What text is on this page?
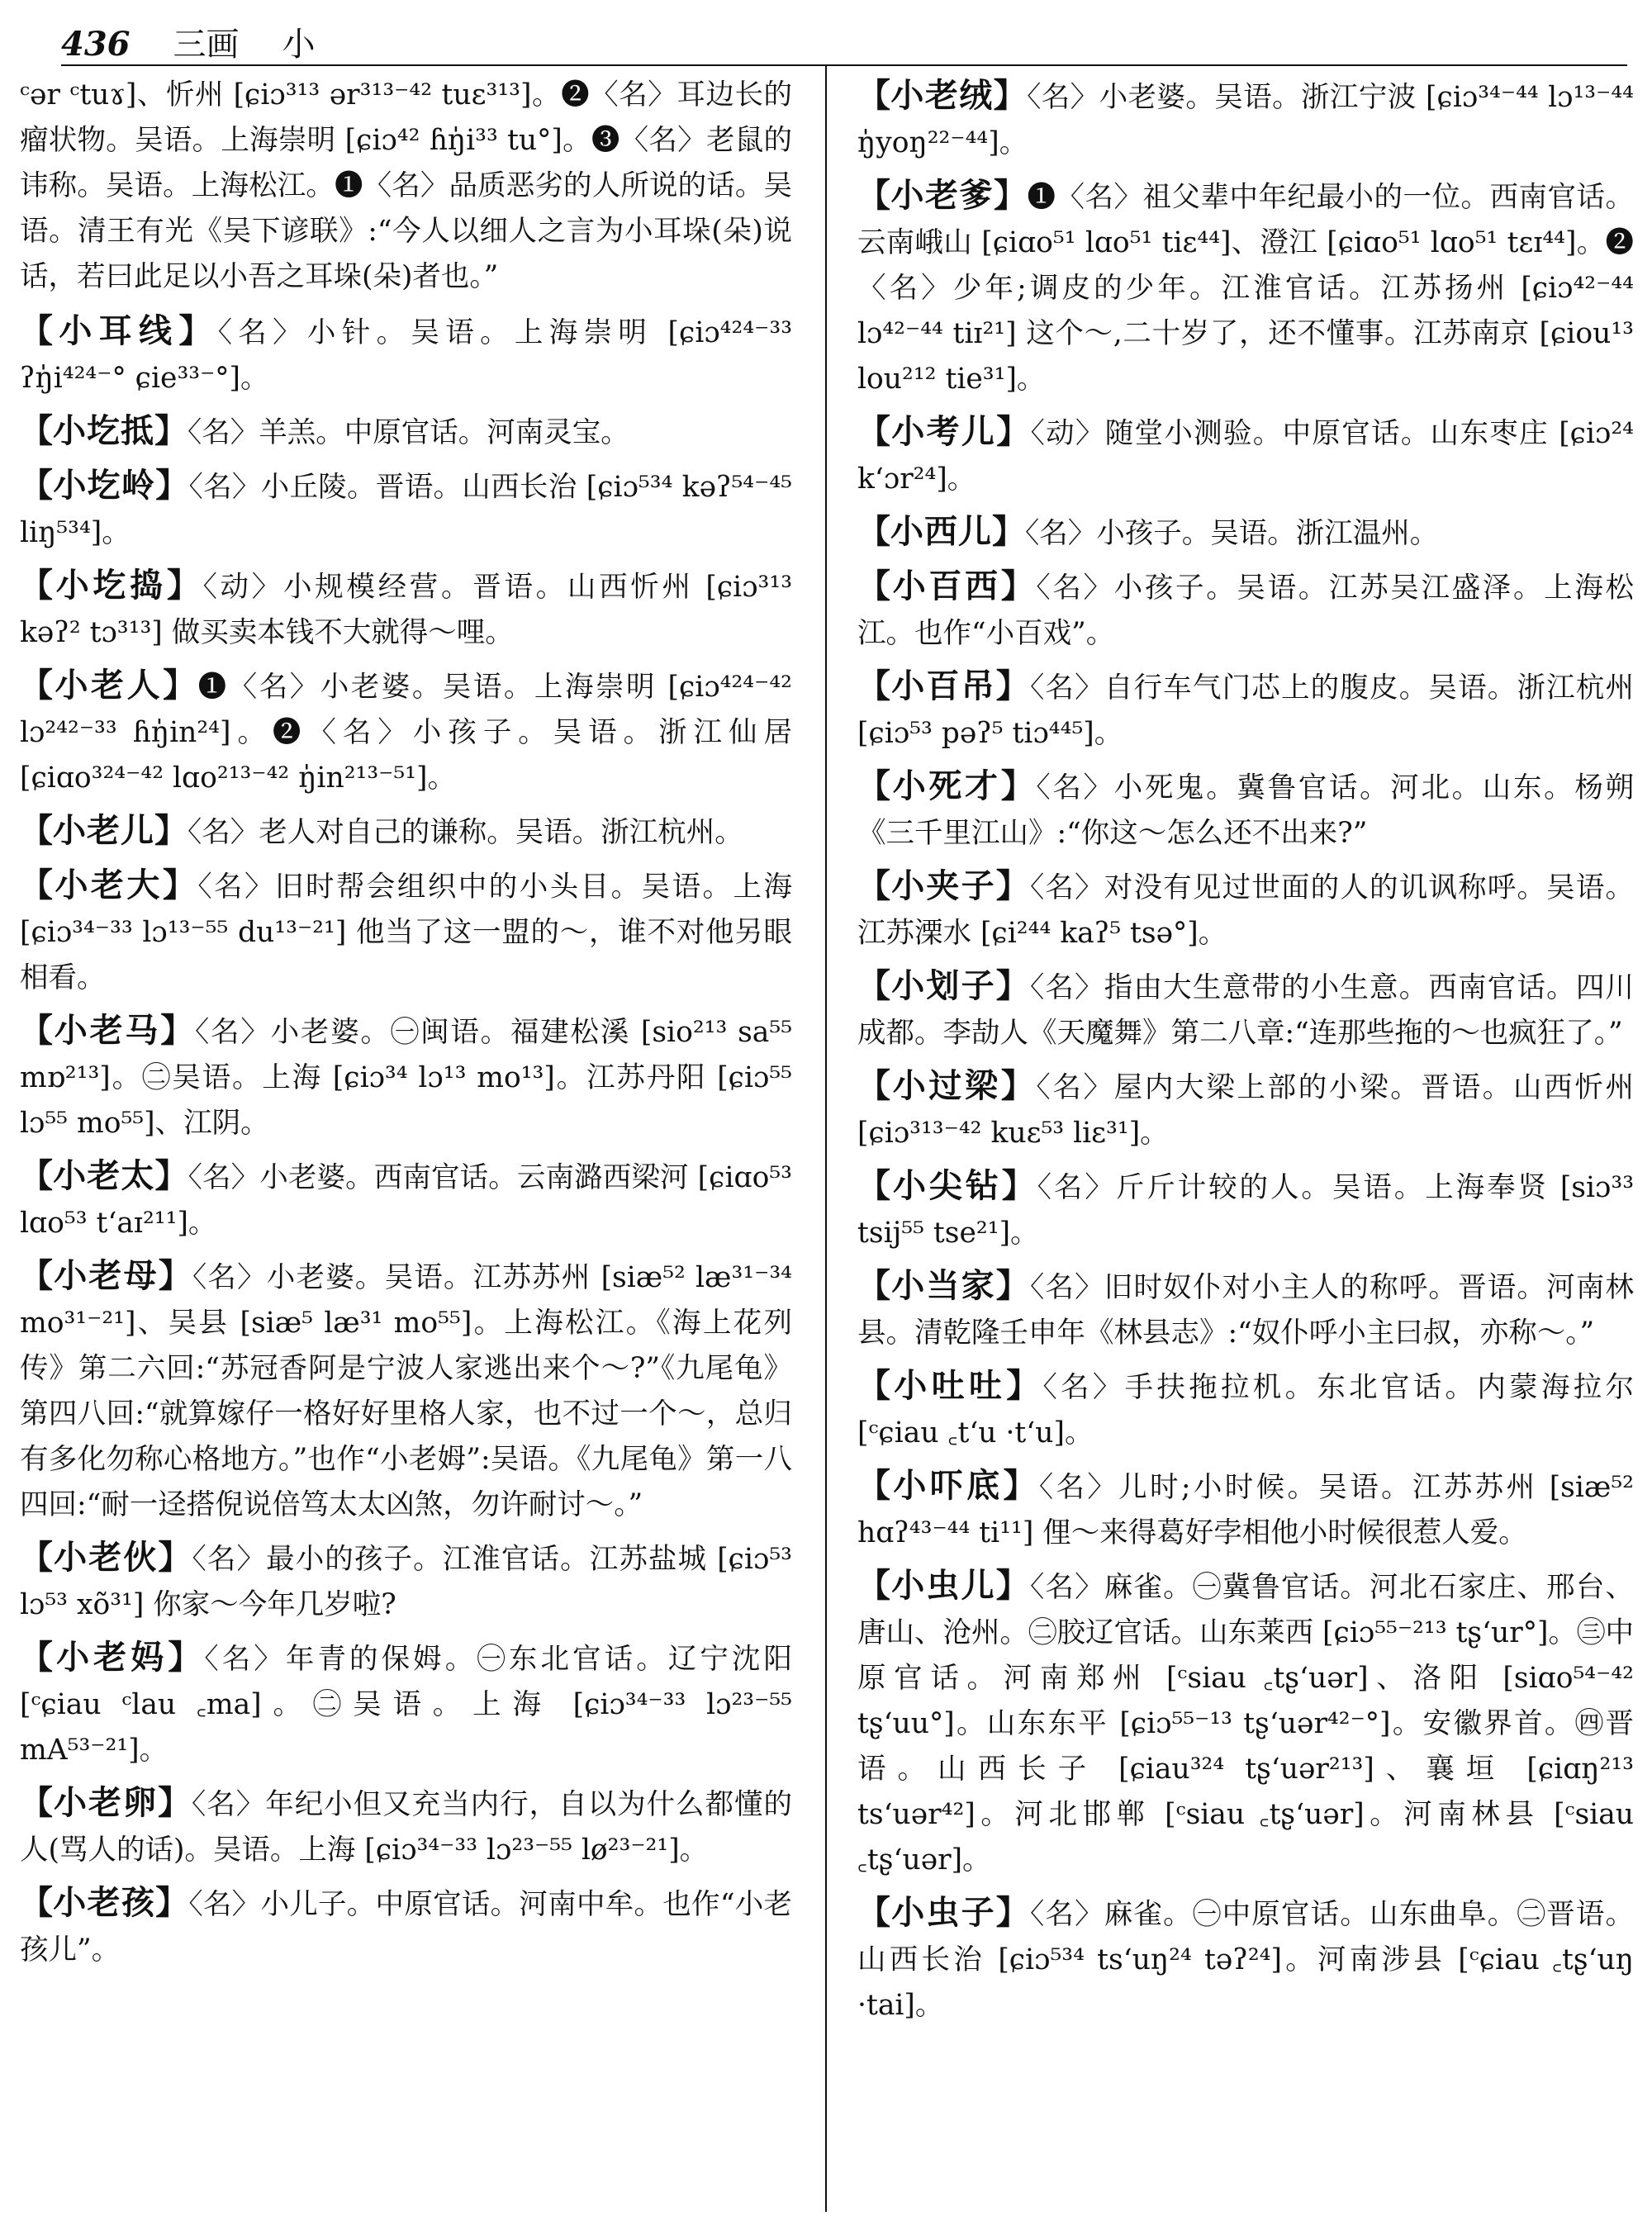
436 三画 小

ᶜər ᶜtuɤ]、忻州 [ɕiɔ³¹³ ər³¹³⁻⁴² tuɛ³¹³]。❷〈名〉耳边长的瘤状物。吴语。上海崇明 [ɕiɔ⁴² ɦŋ̍i³³ tu°]。❸〈名〉老鼠的讳称。吴语。上海松江。❶〈名〉品质恶劣的人所说的话。吴语。清王有光《吴下谚联》:“今人以细人之言为小耳垛(朵)说话，若曰此足以小吾之耳垛(朵)者也。”

【小耳线】〈名〉小针。吴语。上海崇明 [ɕiɔ⁴²⁴⁻³³ ʔŋ̍i⁴²⁴⁻° ɕie³³⁻°]。

【小圪抵】〈名〉羊羔。中原官话。河南灵宝。

【小圪岭】〈名〉小丘陵。晋语。山西长治 [ɕiɔ⁵³⁴ kəʔ⁵⁴⁻⁴⁵ liŋ⁵³⁴]。

【小圪捣】〈动〉小规模经营。晋语。山西忻州 [ɕiɔ³¹³ kəʔ² tɔ³¹³] 做买卖本钱不大就得～哩。

【小老人】❶〈名〉小老婆。吴语。上海崇明 [ɕiɔ⁴²⁴⁻⁴² lɔ²⁴²⁻³³ ɦŋ̍in²⁴]。❷〈名〉小孩子。吴语。浙江仙居 [ɕiɑo³²⁴⁻⁴² lɑo²¹³⁻⁴² ŋ̍in²¹³⁻⁵¹]。

【小老儿】〈名〉老人对自己的谦称。吴语。浙江杭州。

【小老大】〈名〉旧时帮会组织中的小头目。吴语。上海 [ɕiɔ³⁴⁻³³ lɔ¹³⁻⁵⁵ du¹³⁻²¹] 他当了这一盟的～，谁不对他另眼相看。

【小老马】〈名〉小老婆。㊀闽语。福建松溪 [sio²¹³ sa⁵⁵ mɒ²¹³]。㊁吴语。上海 [ɕiɔ³⁴ lɔ¹³ mo¹³]。江苏丹阳 [ɕiɔ⁵⁵ lɔ⁵⁵ mo⁵⁵]、江阴。

【小老太】〈名〉小老婆。西南官话。云南潞西梁河 [ɕiɑo⁵³ lɑo⁵³ tʻaɪ²¹¹]。

【小老母】〈名〉小老婆。吴语。江苏苏州 [siæ⁵² læ³¹⁻³⁴ mo³¹⁻²¹]、吴县 [siæ⁵ læ³¹ mo⁵⁵]。上海松江。《海上花列传》第二六回:“苏冠香阿是宁波人家逃出来个～?”《九尾龟》第四八回:“就算嫁仔一格好好里格人家，也不过一个～，总归有多化勿称心格地方。”也作“小老姆”:吴语。《九尾龟》第一八四回:“耐一迳搭倪说倍笃太太凶煞，勿许耐讨～。”

【小老伙】〈名〉最小的孩子。江淮官话。江苏盐城 [ɕiɔ⁵³ lɔ⁵³ xõ³¹] 你家～今年几岁啦?

【小老妈】〈名〉年青的保姆。㊀东北官话。辽宁沈阳 [ᶜɕiau ᶜlau ꜀ma]。㊁吴语。上海 [ɕiɔ³⁴⁻³³ lɔ²³⁻⁵⁵ mA⁵³⁻²¹]。

【小老卵】〈名〉年纪小但又充当内行，自以为什么都懂的人(骂人的话)。吴语。上海 [ɕiɔ³⁴⁻³³ lɔ²³⁻⁵⁵ lø²³⁻²¹]。

【小老孩】〈名〉小儿子。中原官话。河南中牟。也作“小老孩儿”。

【小老绒】〈名〉小老婆。吴语。浙江宁波 [ɕiɔ³⁴⁻⁴⁴ lɔ¹³⁻⁴⁴ ŋ̍yoŋ²²⁻⁴⁴]。

【小老爹】❶〈名〉祖父辈中年纪最小的一位。西南官话。云南峨山 [ɕiɑo⁵¹ lɑo⁵¹ tiɛ⁴⁴]、澄江 [ɕiɑo⁵¹ lɑo⁵¹ tɛɪ⁴⁴]。❷〈名〉少年;调皮的少年。江淮官话。江苏扬州 [ɕiɔ⁴²⁻⁴⁴ lɔ⁴²⁻⁴⁴ tiɪ²¹] 这个～,二十岁了，还不懂事。江苏南京 [ɕiou¹³ lou²¹² tie³¹]。

【小考儿】〈动〉随堂小测验。中原官话。山东枣庄 [ɕiɔ²⁴ kʻɔr²⁴]。

【小西儿】〈名〉小孩子。吴语。浙江温州。

【小百西】〈名〉小孩子。吴语。江苏吴江盛泽。上海松江。也作“小百戏”。

【小百吊】〈名〉自行车气门芯上的腹皮。吴语。浙江杭州 [ɕiɔ⁵³ pəʔ⁵ tiɔ⁴⁴⁵]。

【小死才】〈名〉小死鬼。冀鲁官话。河北。山东。杨朔《三千里江山》:“你这～怎么还不出来?”

【小夹子】〈名〉对没有见过世面的人的讥讽称呼。吴语。江苏溧水 [ɕi²⁴⁴ kaʔ⁵ tsə°]。

【小划子】〈名〉指由大生意带的小生意。西南官话。四川成都。李劼人《天魔舞》第二八章:“连那些拖的～也疯狂了。”

【小过梁】〈名〉屋内大梁上部的小梁。晋语。山西忻州 [ɕiɔ³¹³⁻⁴² kuɛ⁵³ liɛ³¹]。

【小尖钻】〈名〉斤斤计较的人。吴语。上海奉贤 [siɔ³³ tsij⁵⁵ tse²¹]。

【小当家】〈名〉旧时奴仆对小主人的称呼。晋语。河南林县。清乾隆壬申年《林县志》:“奴仆呼小主曰叔，亦称～。”

【小吐吐】〈名〉手扶拖拉机。东北官话。内蒙海拉尔 [ᶜɕiau ꜀tʻu ·tʻu]。

【小吓底】〈名〉儿时;小时候。吴语。江苏苏州 [siæ⁵² hɑʔ⁴³⁻⁴⁴ ti¹¹] 俚～来得葛好孛相他小时候很惹人爱。

【小虫儿】〈名〉麻雀。㊀冀鲁官话。河北石家庄、邢台、唐山、沧州。㊁胶辽官话。山东莱西 [ɕiɔ⁵⁵⁻²¹³ tʂʻur°]。㊂中原官话。河南郑州 [ᶜsiau ꜀tʂʻuər]、洛阳 [siɑo⁵⁴⁻⁴² tʂʻuu°]。山东东平 [ɕiɔ⁵⁵⁻¹³ tʂʻuər⁴²⁻°]。安徽界首。㊃晋语。山西长子 [ɕiau³²⁴ tʂʻuər²¹³]、襄垣 [ɕiɑŋ²¹³ tsʻuər⁴²]。河北邯郸 [ᶜsiau ꜀tʂʻuər]。河南林县 [ᶜsiau ꜀tʂʻuər]。

【小虫子】〈名〉麻雀。㊀中原官话。山东曲阜。㊁晋语。山西长治 [ɕiɔ⁵³⁴ tsʻuŋ²⁴ təʔ²⁴]。河南涉县 [ᶜɕiau ꜀tʂʻuŋ ·tai]。
